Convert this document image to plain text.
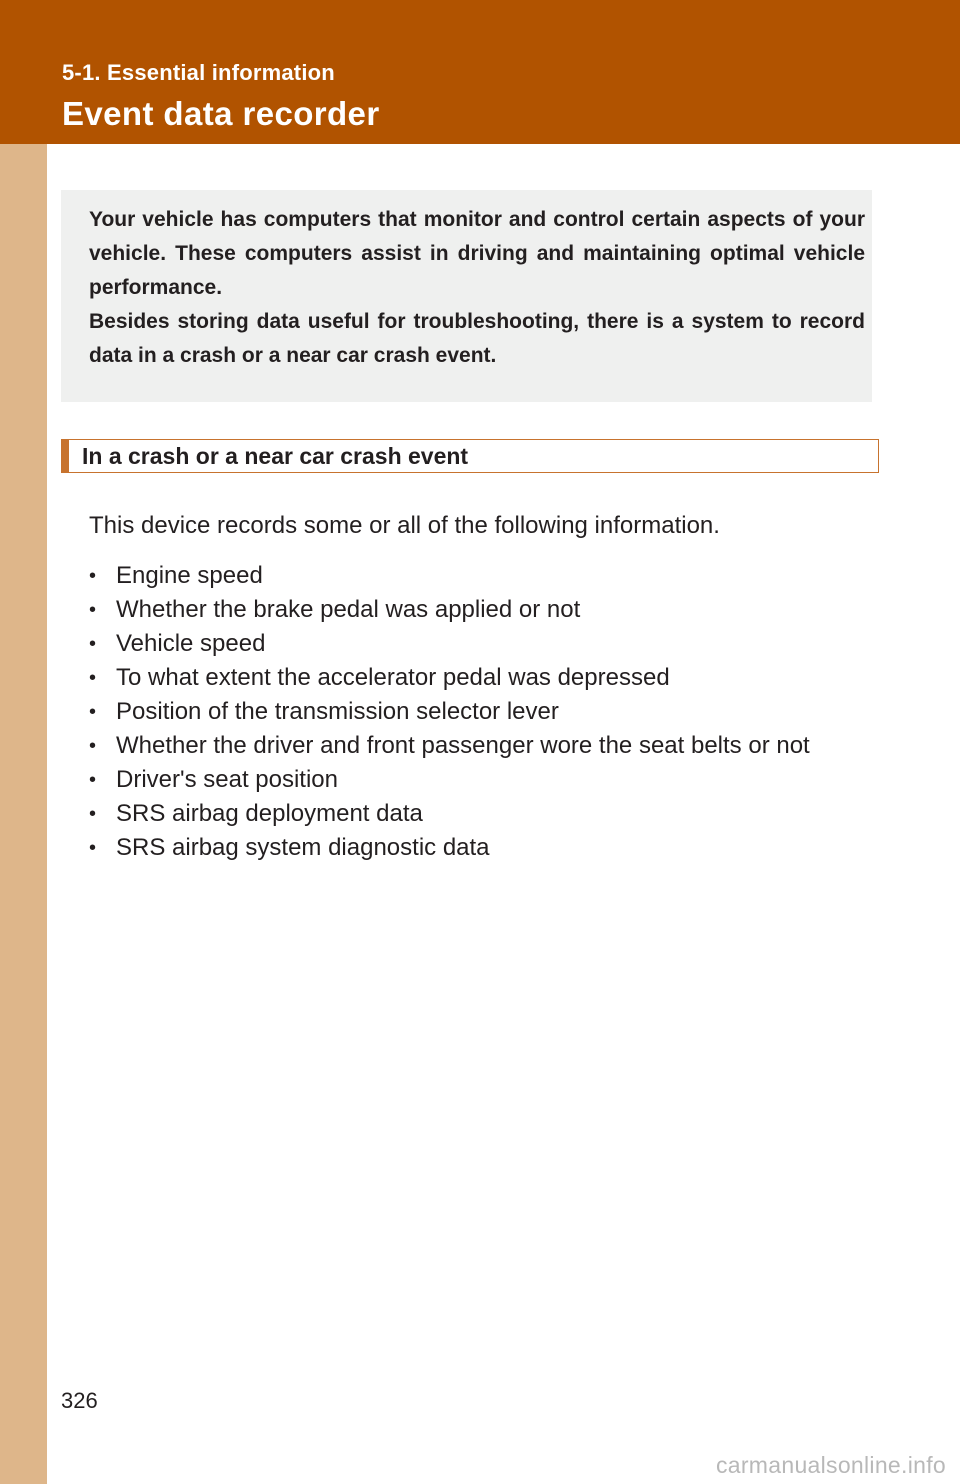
5-1. Essential information
Event data recorder

Your vehicle has computers that monitor and control certain aspects of your vehicle. These computers assist in driving and maintaining optimal vehicle performance.

Besides storing data useful for troubleshooting, there is a system to record data in a crash or a near car crash event.

In a crash or a near car crash event
This device records some or all of the following information.
• Engine speed
• Whether the brake pedal was applied or not
• Vehicle speed
• To what extent the accelerator pedal was depressed
• Position of the transmission selector lever
• Whether the driver and front passenger wore the seat belts or not
• Driver's seat position
• SRS airbag deployment data
• SRS airbag system diagnostic data
326
carmanualsonline.info
